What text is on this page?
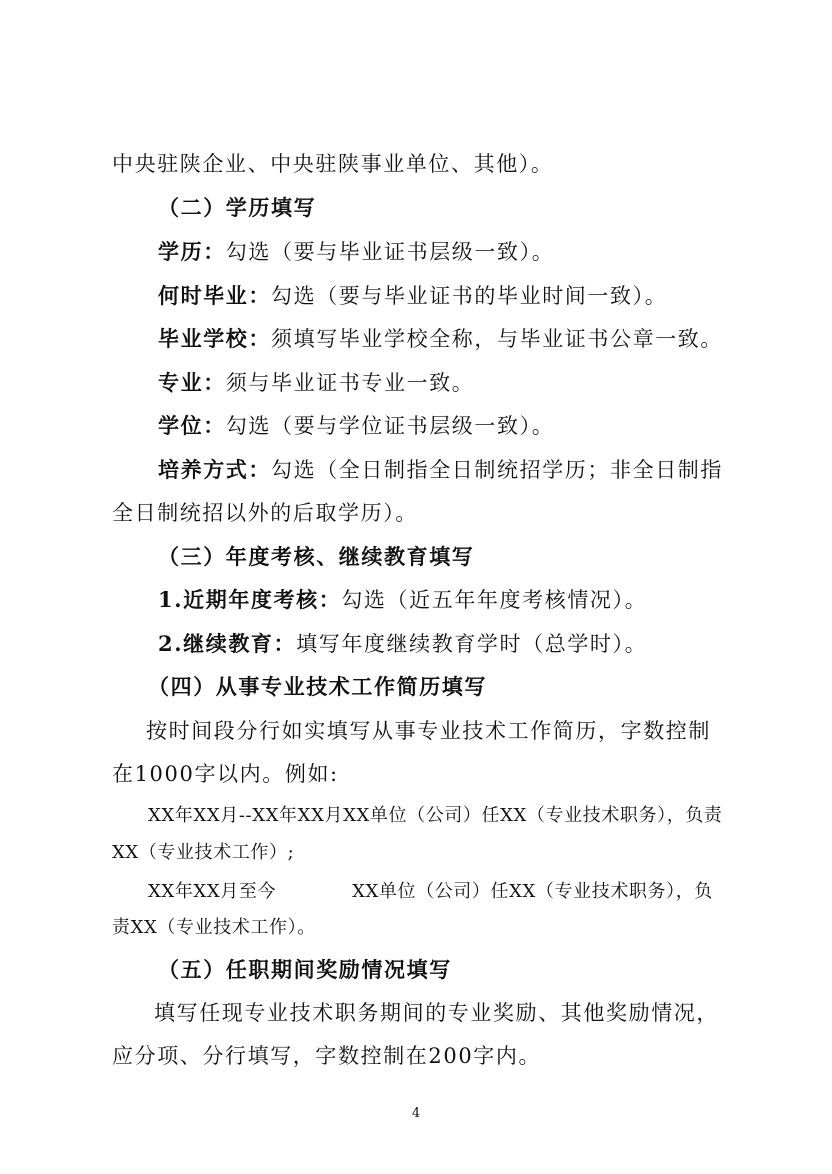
中央驻陕企业、中央驻陕事业单位、其他）。
（二）学历填写
学历：勾选（要与毕业证书层级一致）。
何时毕业：勾选（要与毕业证书的毕业时间一致）。
毕业学校：须填写毕业学校全称，与毕业证书公章一致。
专业：须与毕业证书专业一致。
学位：勾选（要与学位证书层级一致）。
培养方式：勾选（全日制指全日制统招学历；非全日制指
全日制统招以外的后取学历）。
（三）年度考核、继续教育填写
1.近期年度考核：勾选（近五年年度考核情况）。
2.继续教育：填写年度继续教育学时（总学时）。
（四）从事专业技术工作简历填写
按时间段分行如实填写从事专业技术工作简历，字数控制
在1000字以内。例如:
XX年XX月--XX年XX月XX单位（公司）任XX（专业技术职务），负责
XX（专业技术工作）;
XX年XX月至今	XX单位（公司）任XX（专业技术职务），负
责XX（专业技术工作）。
（五）任职期间奖励情况填写
填写任现专业技术职务期间的专业奖励、其他奖励情况，
应分项、分行填写，字数控制在200字内。
4
